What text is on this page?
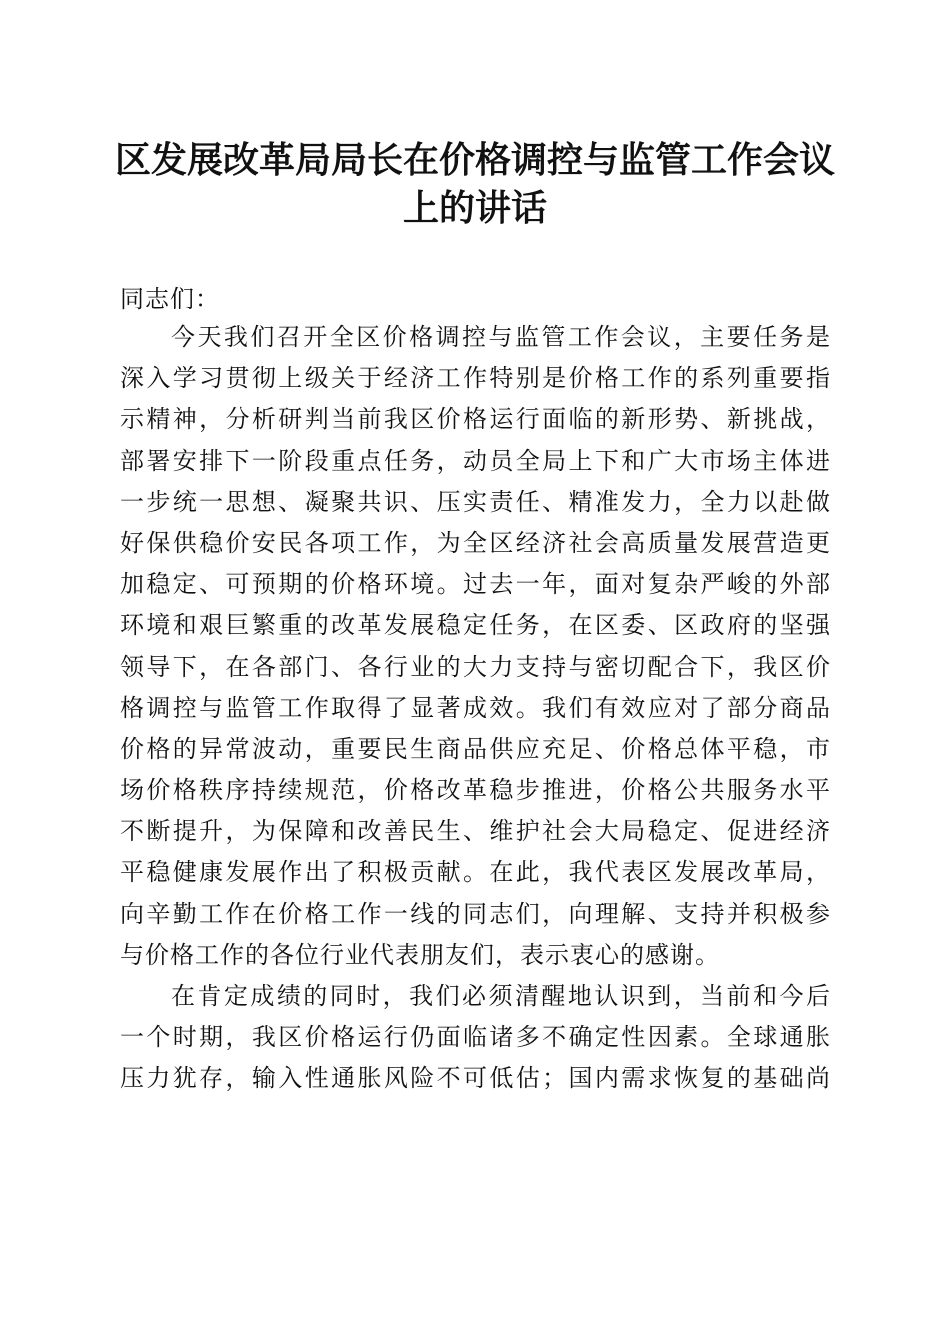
区发展改革局局长在价格调控与监管工作会议
上的讲话

同志们：

今天我们召开全区价格调控与监管工作会议，主要任务是
深入学习贯彻上级关于经济工作特别是价格工作的系列重要指
示精神，分析研判当前我区价格运行面临的新形势、新挑战，
部署安排下一阶段重点任务，动员全局上下和广大市场主体进
一步统一思想、凝聚共识、压实责任、精准发力，全力以赴做
好保供稳价安民各项工作，为全区经济社会高质量发展营造更
加稳定、可预期的价格环境。过去一年，面对复杂严峻的外部
环境和艰巨繁重的改革发展稳定任务，在区委、区政府的坚强
领导下，在各部门、各行业的大力支持与密切配合下，我区价
格调控与监管工作取得了显著成效。我们有效应对了部分商品
价格的异常波动，重要民生商品供应充足、价格总体平稳，市
场价格秩序持续规范，价格改革稳步推进，价格公共服务水平
不断提升，为保障和改善民生、维护社会大局稳定、促进经济
平稳健康发展作出了积极贡献。在此，我代表区发展改革局，
向辛勤工作在价格工作一线的同志们，向理解、支持并积极参
与价格工作的各位行业代表朋友们，表示衷心的感谢。
在肯定成绩的同时，我们必须清醒地认识到，当前和今后
一个时期，我区价格运行仍面临诸多不确定性因素。全球通胀
压力犹存，输入性通胀风险不可低估；国内需求恢复的基础尚
